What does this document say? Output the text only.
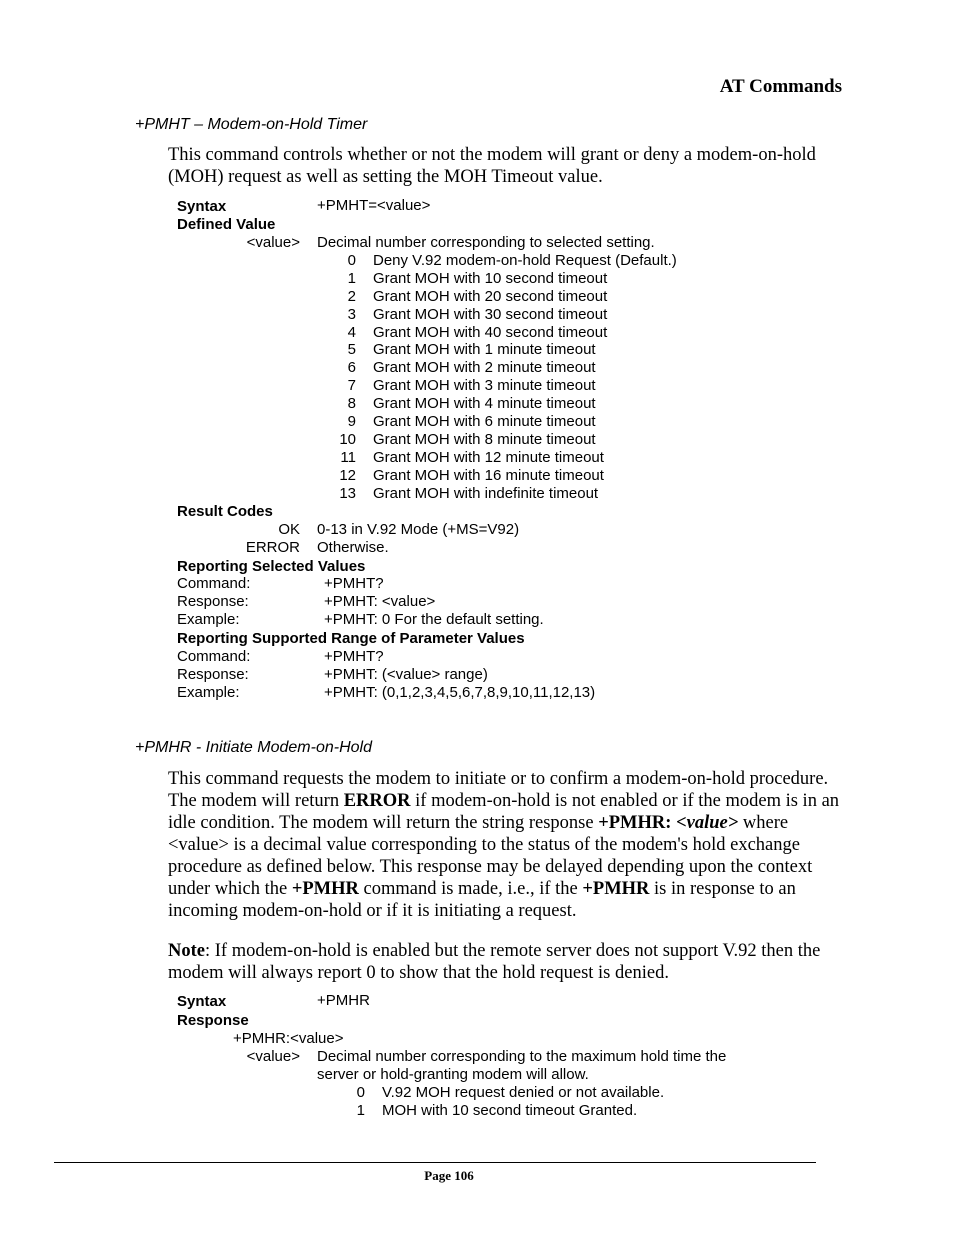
AT Commands
+PMHT – Modem-on-Hold Timer
This command controls whether or not the modem will grant or deny a modem-on-hold (MOH) request as well as setting the MOH Timeout value.
Syntax	+PMHT=<value>
Defined Value
<value> Decimal number corresponding to selected setting.
0 Deny V.92 modem-on-hold Request (Default.)
1 Grant MOH with 10 second timeout
2 Grant MOH with 20 second timeout
3 Grant MOH with 30 second timeout
4 Grant MOH with 40 second timeout
5 Grant MOH with 1 minute timeout
6 Grant MOH with 2 minute timeout
7 Grant MOH with 3 minute timeout
8 Grant MOH with 4 minute timeout
9 Grant MOH with 6 minute timeout
10 Grant MOH with 8 minute timeout
11 Grant MOH with 12 minute timeout
12 Grant MOH with 16 minute timeout
13 Grant MOH with indefinite timeout
Result Codes
OK 0-13 in V.92 Mode (+MS=V92)
ERROR Otherwise.
Reporting Selected Values
Command:	+PMHT?
Response:	+PMHT: <value>
Example:	+PMHT: 0 For the default setting.
Reporting Supported Range of Parameter Values
Command:	+PMHT?
Response:	+PMHT: (<value> range)
Example:	+PMHT: (0,1,2,3,4,5,6,7,8,9,10,11,12,13)
+PMHR - Initiate Modem-on-Hold
This command requests the modem to initiate or to confirm a modem-on-hold procedure. The modem will return ERROR if modem-on-hold is not enabled or if the modem is in an idle condition. The modem will return the string response +PMHR: <value> where <value> is a decimal value corresponding to the status of the modem's hold exchange procedure as defined below. This response may be delayed depending upon the context under which the +PMHR command is made, i.e., if the +PMHR is in response to an incoming modem-on-hold or if it is initiating a request.
Note: If modem-on-hold is enabled but the remote server does not support V.92 then the modem will always report 0 to show that the hold request is denied.
Syntax	+PMHR
Response
+PMHR:<value>
<value> Decimal number corresponding to the maximum hold time the
server or hold-granting modem will allow.
0 V.92 MOH request denied or not available.
1 MOH with 10 second timeout Granted.
Page 106
